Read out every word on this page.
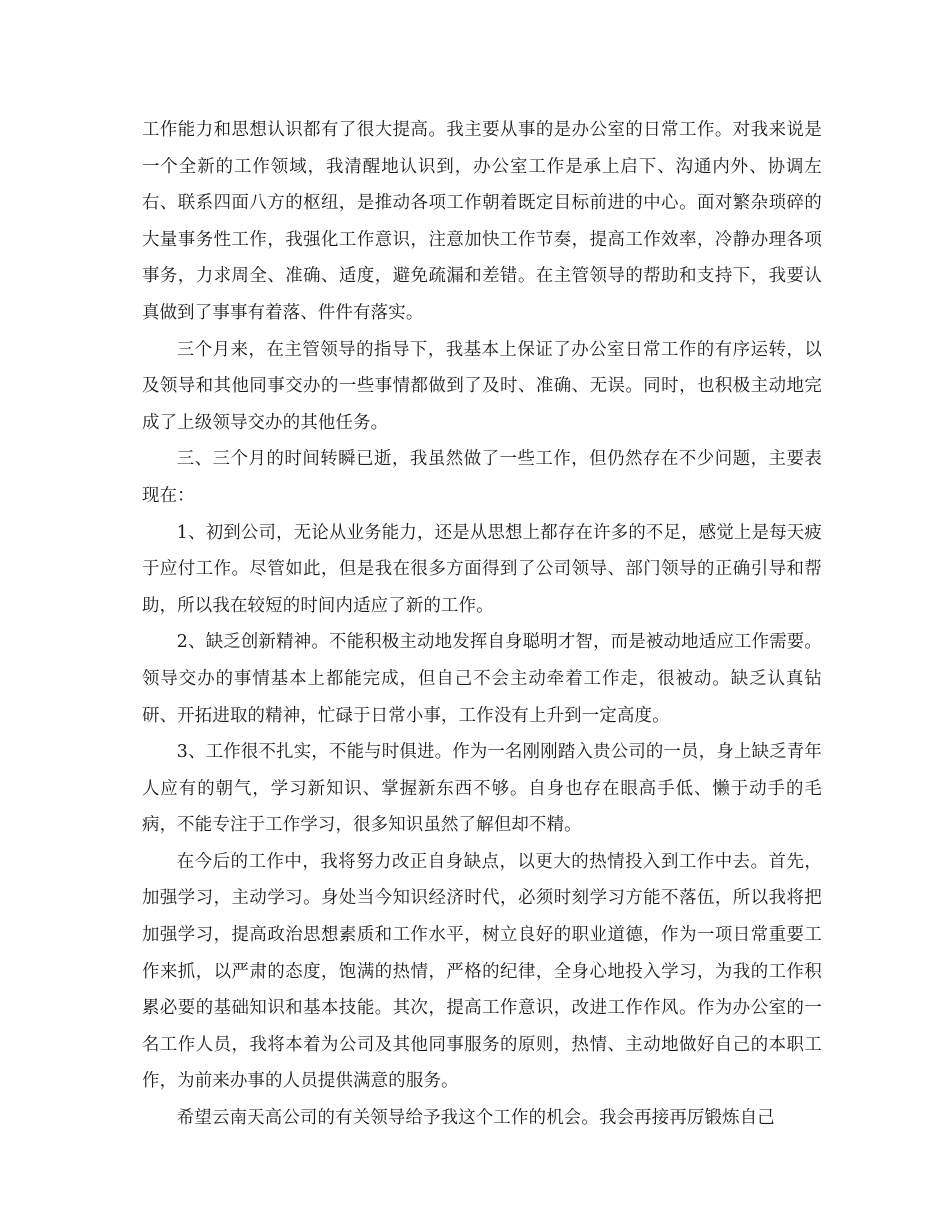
工作能力和思想认识都有了很大提高。我主要从事的是办公室的日常工作。对我来说是一个全新的工作领域，我清醒地认识到，办公室工作是承上启下、沟通内外、协调左右、联系四面八方的枢纽，是推动各项工作朝着既定目标前进的中心。面对繁杂琐碎的大量事务性工作，我强化工作意识，注意加快工作节奏，提高工作效率，冷静办理各项事务，力求周全、准确、适度，避免疏漏和差错。在主管领导的帮助和支持下，我要认真做到了事事有着落、件件有落实。

三个月来，在主管领导的指导下，我基本上保证了办公室日常工作的有序运转，以及领导和其他同事交办的一些事情都做到了及时、准确、无误。同时，也积极主动地完成了上级领导交办的其他任务。

三、三个月的时间转瞬已逝，我虽然做了一些工作，但仍然存在不少问题，主要表现在：

1、初到公司，无论从业务能力，还是从思想上都存在许多的不足，感觉上是每天疲于应付工作。尽管如此，但是我在很多方面得到了公司领导、部门领导的正确引导和帮助，所以我在较短的时间内适应了新的工作。

2、缺乏创新精神。不能积极主动地发挥自身聪明才智，而是被动地适应工作需要。领导交办的事情基本上都能完成，但自己不会主动牵着工作走，很被动。缺乏认真钻研、开拓进取的精神，忙碌于日常小事，工作没有上升到一定高度。

3、工作很不扎实，不能与时俱进。作为一名刚刚踏入贵公司的一员，身上缺乏青年人应有的朝气，学习新知识、掌握新东西不够。自身也存在眼高手低、懒于动手的毛病，不能专注于工作学习，很多知识虽然了解但却不精。

在今后的工作中，我将努力改正自身缺点，以更大的热情投入到工作中去。首先，加强学习，主动学习。身处当今知识经济时代，必须时刻学习方能不落伍，所以我将把加强学习，提高政治思想素质和工作水平，树立良好的职业道德，作为一项日常重要工作来抓，以严肃的态度，饱满的热情，严格的纪律，全身心地投入学习，为我的工作积累必要的基础知识和基本技能。其次，提高工作意识，改进工作作风。作为办公室的一名工作人员，我将本着为公司及其他同事服务的原则，热情、主动地做好自己的本职工作，为前来办事的人员提供满意的服务。

希望云南天高公司的有关领导给予我这个工作的机会。我会再接再厉锻炼自己
